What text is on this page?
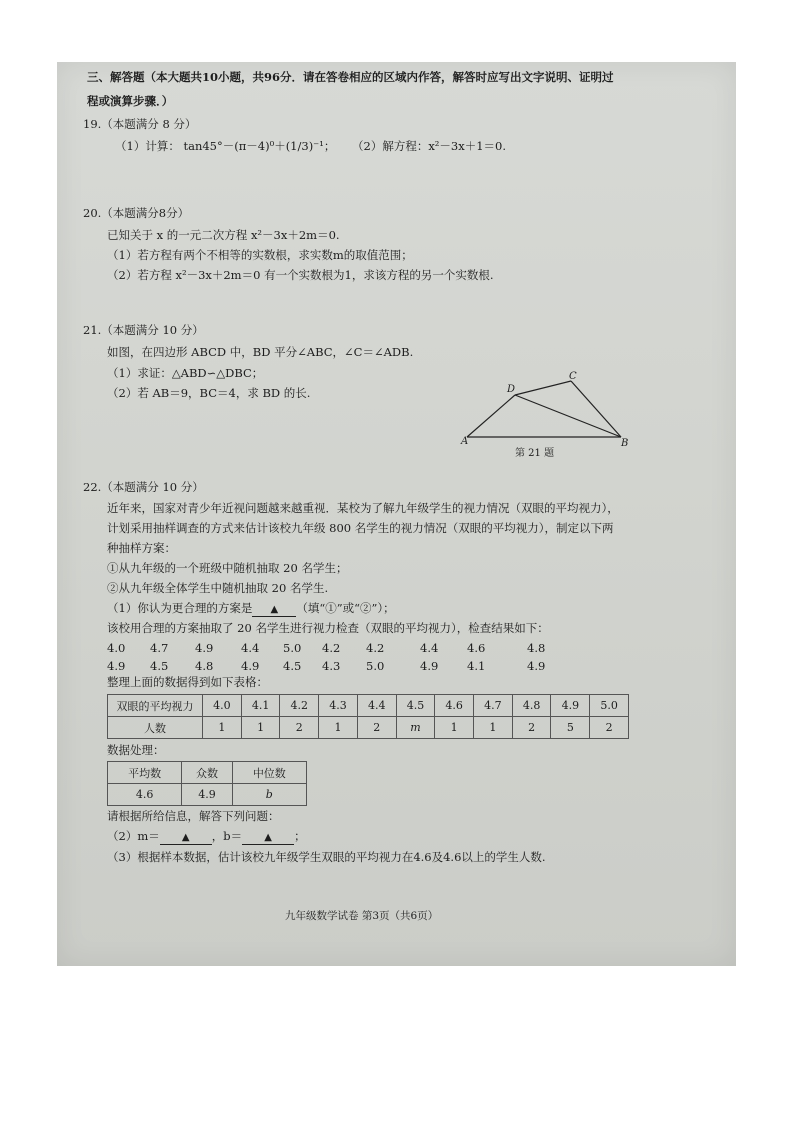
三、解答题（本大题共10小题，共96分．请在答卷相应的区域内作答，解答时应写出文字说明、证明过
程或演算步骤．）
19.（本题满分 8 分）
（1）计算： tan45°－(π－4)⁰＋(1/3)⁻¹； （2）解方程：x²－3x＋1＝0.
20.（本题满分8分）
已知关于 x 的一元二次方程 x²－3x＋2m＝0.
（1）若方程有两个不相等的实数根，求实数m的取值范围；
（2）若方程 x²－3x＋2m＝0 有一个实数根为1，求该方程的另一个实数根.
21.（本题满分 10 分）
如图，在四边形 ABCD 中，BD 平分∠ABC，∠C＝∠ADB.
（1）求证：△ABD∽△DBC；
（2）若 AB＝9，BC＝4，求 BD 的长.
A	B
C
D
第 21 题
22.（本题满分 10 分）
近年来，国家对青少年近视问题越来越重视．某校为了解九年级学生的视力情况（双眼的平均视力），
计划采用抽样调查的方式来估计该校九年级 800 名学生的视力情况（双眼的平均视力），制定以下两
种抽样方案：
①从九年级的一个班级中随机抽取 20 名学生；
②从九年级全体学生中随机抽取 20 名学生.
（1）你认为更合理的方案是 ▲ （填“①”或“②”）；
该校用合理的方案抽取了 20 名学生进行视力检查（双眼的平均视力），检查结果如下：
4.0 4.7 4.9 4.4 5.0 4.2 4.2	4.4 4.6	4.8
4.9 4.5 4.8 4.9 4.5 4.3 5.0	4.9 4.1	4.9
整理上面的数据得到如下表格：
双眼的平均视力	4.0	4.1	4.2	4.3	4.4	4.5	4.6	4.7	4.8	4.9	5.0
人数	1	1	2	1	2	m	1	1	2	5	2
数据处理：
平均数	众数	中位数
4.6	4.9	b
请根据所给信息，解答下列问题：
（2）m＝ ▲ ，b＝ ▲ ；
（3）根据样本数据，估计该校九年级学生双眼的平均视力在4.6及4.6以上的学生人数.
九年级数学试卷 第3页（共6页）
